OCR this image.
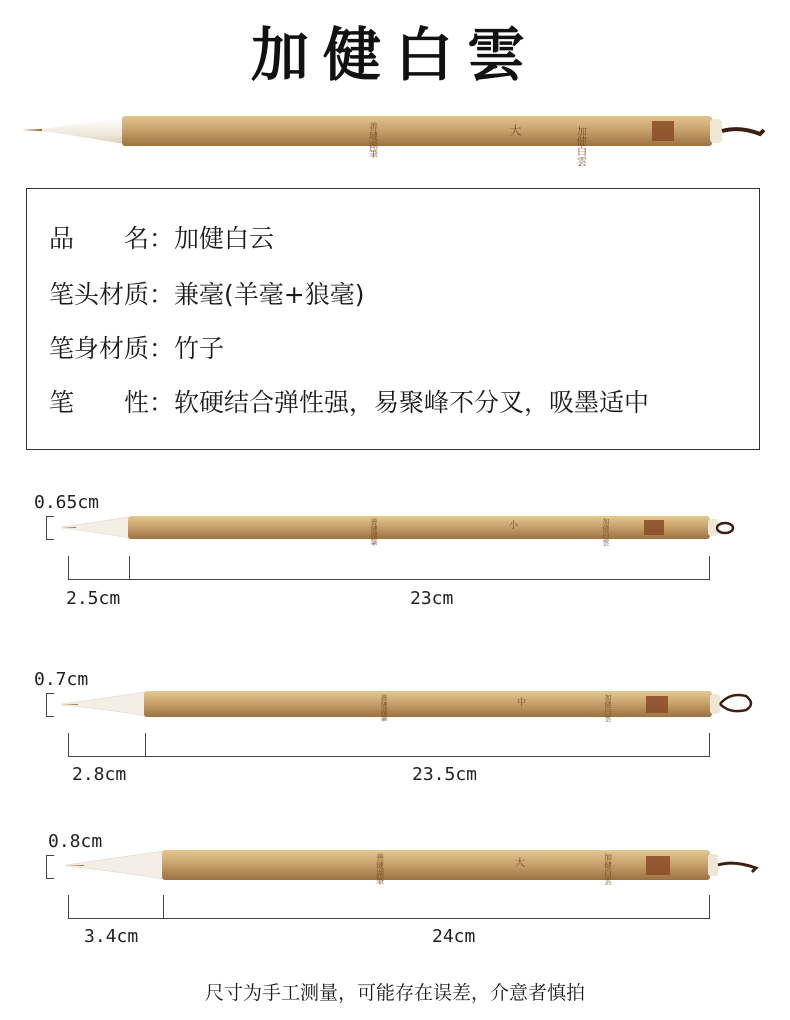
加健白雲
加健白雲
大
善璉湖筆
品　　名：加健白云
笔头材质：兼毫(羊毫+狼毫)
笔身材质：竹子
笔　　性：软硬结合弹性强，易聚峰不分叉，吸墨适中
0.65cm
加健白雲
小
善璉湖筆
2.5cm	23cm
0.7cm
加健白雲
中
善璉湖筆
2.8cm	23.5cm
0.8cm
加健白雲
大
善璉湖筆
3.4cm	24cm
尺寸为手工测量，可能存在误差，介意者慎拍
